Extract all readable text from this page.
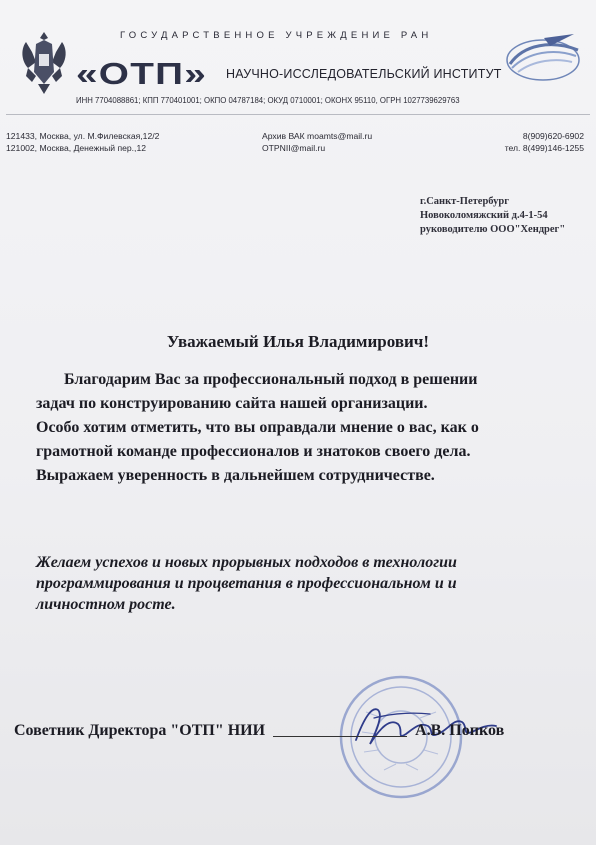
ГОСУДАРСТВЕННОЕ УЧРЕЖДЕНИЕ РАН
«ОТП» НАУЧНО-ИССЛЕДОВАТЕЛЬСКИЙ ИНСТИТУТ
ИНН 7704088861; КПП 770401001; ОКПО 04787184; ОКУД 0710001; ОКОНХ 95110, ОГРН 1027739629763
121433, Москва, ул. М.Филевская,12/2
121002, Москва, Денежный пер.,12
Архив ВАК moamts@mail.ru
OTPNII@mail.ru
8(909)620-6902
тел. 8(499)146-1255
г.Санкт-Петербург
Новоколомяжский д.4-1-54
руководителю ООО"Хендрег"
Уважаемый Илья Владимирович!
Благодарим Вас за профессиональный подход в решении
задач по конструированию сайта нашей организации.
Особо хотим отметить, что вы оправдали мнение о вас, как о
грамотной команде профессионалов и знатоков своего дела.
Выражаем уверенность в дальнейшем сотрудничестве.
Желаем успехов и новых прорывных подходов в технологии
программирования и процветания в профессиональном и и
личностном росте.
Советник Директора "ОТП" НИИ	А.В. Попков
